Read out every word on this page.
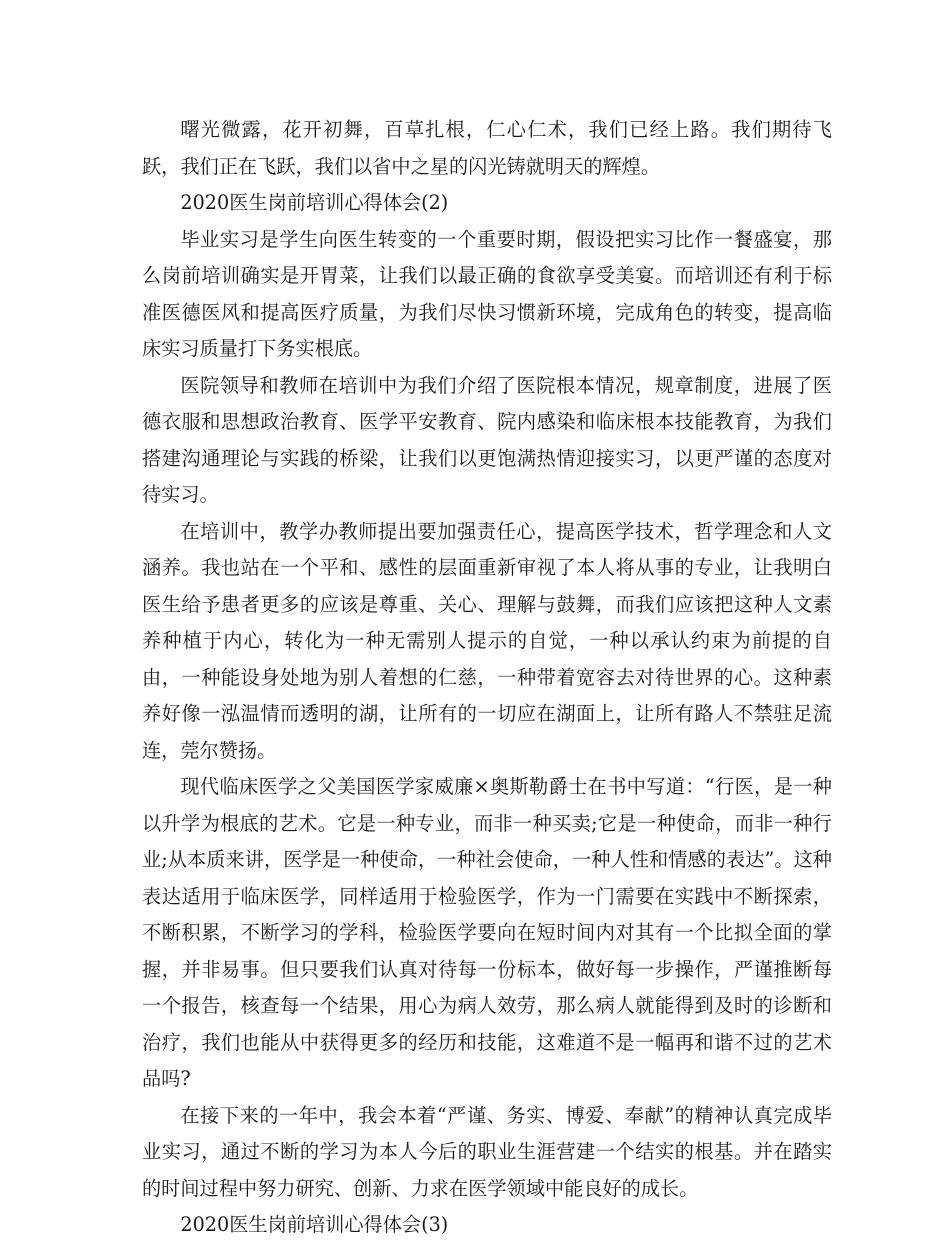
曙光微露，花开初舞，百草扎根，仁心仁术，我们已经上路。我们期待飞跃，我们正在飞跃，我们以省中之星的闪光铸就明天的辉煌。

2020医生岗前培训心得体会(2)

毕业实习是学生向医生转变的一个重要时期，假设把实习比作一餐盛宴，那么岗前培训确实是开胃菜，让我们以最正确的食欲享受美宴。而培训还有利于标准医德医风和提高医疗质量，为我们尽快习惯新环境，完成角色的转变，提高临床实习质量打下务实根底。

医院领导和教师在培训中为我们介绍了医院根本情况，规章制度，进展了医德衣服和思想政治教育、医学平安教育、院内感染和临床根本技能教育，为我们搭建沟通理论与实践的桥梁，让我们以更饱满热情迎接实习，以更严谨的态度对待实习。

在培训中，教学办教师提出要加强责任心，提高医学技术，哲学理念和人文涵养。我也站在一个平和、感性的层面重新审视了本人将从事的专业，让我明白医生给予患者更多的应该是尊重、关心、理解与鼓舞，而我们应该把这种人文素养种植于内心，转化为一种无需别人提示的自觉，一种以承认约束为前提的自由，一种能设身处地为别人着想的仁慈，一种带着宽容去对待世界的心。这种素养好像一泓温情而透明的湖，让所有的一切应在湖面上，让所有路人不禁驻足流连，莞尔赞扬。

现代临床医学之父美国医学家威廉×奥斯勒爵士在书中写道：“行医，是一种以升学为根底的艺术。它是一种专业，而非一种买卖;它是一种使命，而非一种行业;从本质来讲，医学是一种使命，一种社会使命，一种人性和情感的表达”。这种表达适用于临床医学，同样适用于检验医学，作为一门需要在实践中不断探索，不断积累，不断学习的学科，检验医学要向在短时间内对其有一个比拟全面的掌握，并非易事。但只要我们认真对待每一份标本，做好每一步操作，严谨推断每一个报告，核查每一个结果，用心为病人效劳，那么病人就能得到及时的诊断和治疗，我们也能从中获得更多的经历和技能，这难道不是一幅再和谐不过的艺术品吗?

在接下来的一年中，我会本着“严谨、务实、博爱、奉献”的精神认真完成毕业实习，通过不断的学习为本人今后的职业生涯营建一个结实的根基。并在踏实的时间过程中努力研究、创新、力求在医学领域中能良好的成长。

2020医生岗前培训心得体会(3)
